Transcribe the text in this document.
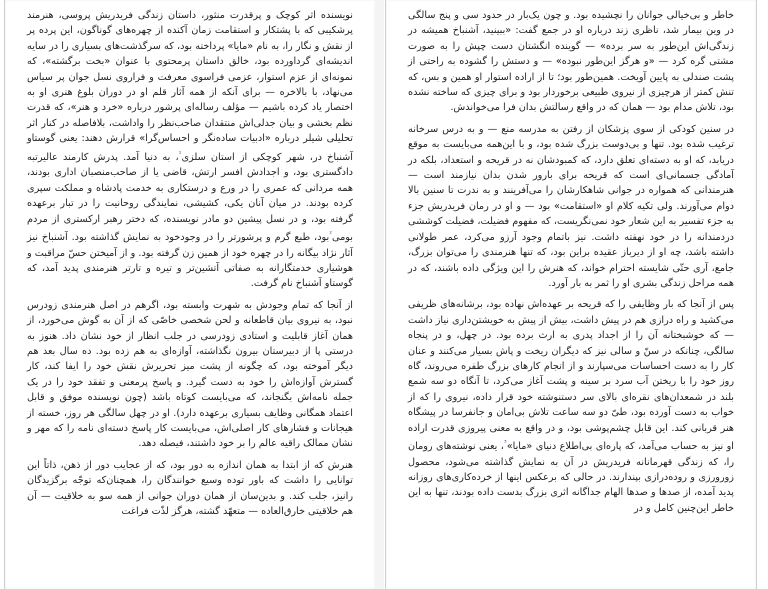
نویسنده اثر کوچک و پرقدرت منثور، داستان زندگی فریدریش پروسی، هنرمند پرشکیبی که با پشتکار و استقامت زمان آکنده از چهره‌های گوناگون، این پرده پر از نقش و نگار را، به نام «مایا» پرداخته بود، که سرگذشت‌های بسیاری را در سایه اندیشه‌ای گرداورده بود، خالق داستان پرمحتوی با عنوان «بخت برگشته»، که نمونه‌ای از عزم استوار، عزمی فراسوی معرفت و فراروی نسل جوان پر سیاس می‌نهاد، با بالاخره — برای آنکه از همه آثار قلم او در دوران بلوغ هنری او به اختصار یاد کرده باشیم — مؤلف رساله‌ای پرشور درباره «خرد و هنر»، که قدرت نظم بخشی و بیان جدلی‌اش منتقدان صاحب‌نظر را واداشت، بلافاصله در کنار اثر تحلیلی شیلر درباره «ادبیات ساده‌نگر و احساس‌گرا» قرارش دهند: یعنی گوستاو آشنباخ در، شهر کوچکی از استان سلزی$^{^1}$، به دنیا آمد. پدرش کارمند عالیرتبه دادگستری بود، و اجدادش افسر ارتش، قاضی یا از صاحب‌منصبان اداری بودند، همه مردانی که عمری را در ورع و درستکاری به خدمت پادشاه و مملکت سپری کرده بودند. در میان آنان یکی، کشیشی، نمایندگی روحانیت را در تبار برعهده گرفته بود، و در نسل پیشین دو مادر نویسنده، که دختر رهبر ارکستری از مردم بومی$^{^2}$بود، طبع گرم و پرشورتر را در وجودخود به نمایش گذاشته بود. آشنباخ نیز آثار نژاد بیگانه را در چهره خود از همین زن گرفته بود. و از آمیختن حسّ مراقبت و هوشیاری خدمتگارانه به صفاتی آتشین‌تر و تیره و تارتر هنرمندی پدید آمد، که گوستاو آشنباخ نام گرفت.

از آنجا که تمام وجودش به شهرت وابسته بود، اگرهم در اصل هنرمندی زودرس نبود، به نیروی بیان قاطعانه و لحن شخصی خاصّی که از آن به گوش می‌خورد، از همان آغاز قابلیت و استادی زودرسی در جلب انظار از خود نشان داد. هنوز به درستی پا از دبیرستان بیرون نگذاشته، آوازه‌ای به هم زده بود. ده سال بعد هم دیگر آموخته بود، که چگونه از پشت میز تحریرش نقش خود را ایفا کند، کار گسترش آوازه‌اش را خود به دست گیرد. و پاسخ پرمعنی و تفقد خود را در یک جمله نامه‌اش بگنجاند، که می‌بایست کوتاه باشد (چون نویسنده موفق و قابل اعتماد همگانی وظایف بسیاری برعهده دارد). او در چهل سالگی هر روز، خسته از هیجانات و فشارهای کار اصلی‌اش، می‌بایست کار پاسخ دسته‌ای نامه را که مهر و نشان ممالک راقیه عالم را بر خود داشتند، فیصله دهد.

هنرش که از ابتدا به همان اندازه به دور بود، که از عجایب دور از ذهن، ذاتاً این توانایی را داشت که باور توده وسیع خوانندگان را، همچنان‌که توجّه برگزیدگان رانیز، جلب کند. و بدین‌سان از همان دوران جوانی از همه سو به خلاقیت — آن هم خلاقیتی خارق‌العاده — متعهّد گشته، هرگز لذّت فراغت

خاطر و بی‌خیالی جوانان را نچشیده بود. و چون یک‌بار در حدود سی و پنج سالگی در وین بیمار شد، ناظری زند درباره او در جمع گفت: «ببینید، آشنباخ همیشه در زندگی‌اش این‌طور به سر برده» — گوینده انگشتان دست چپش را به صورت مشتی گره کرد — «و هرگز این‌طور نبوده» — و دستش را گشوده به راحتی از پشت صندلی به پایین آویخت. همین‌طور بود؛ تا از اراده استوار او همین و بس، که تنش کمتر از هرچیزی از نیروی طبیعی برخوردار بود و برای چیزی که ساخته نشده بود، تلاش مدام بود — همان که در واقع رسالتش بدان فرا می‌خواندش.

در سنین کودکی از سوی پزشکان از رفتن به مدرسه منع — و به درس سرخانه ترغیب شده بود. تنها و بی‌دوست بزرگ شده بود، و با این‌همه می‌بایست به موقع دریابد، که او به دسته‌ای تعلق دارد، که کمبودشان نه در قریحه و استعداد، بلکه در آمادگی جسمانی‌ای است که قریحه برای بارور شدن بدان نیازمند است — هنرمندانی که همواره در جوانی شاهکارشان را می‌آفرینند و به ندرت تا سنین بالا دوام می‌آورند. ولی تکیه کلام او «استقامت» بود — و او در رمان فریدریش جزء به جزء تفسیر به این شعار خود نمی‌نگریست، که مفهوم فضیلت، فضیلت کوششی دردمندانه را در خود نهفته داشت. نیز باتمام وجود آرزو می‌کرد، عمر طولانی داشته باشد، چه او از دیرباز عقیده براین بود، که تنها هنرمندی را می‌توان بزرگ، جامع، آری حتّی شایسته احترام خواند، که هنرش را این ویژگی داده باشند، که در همه مراحل زندگی بشری او را ثمر به بار آورد.

پس از آنجا که بار وظایفی را که قریحه بر عهده‌اش نهاده بود، برشانه‌های ظریفی می‌کشید و راه درازی هم در پیش داشت، بیش از پیش به خویشتن‌داری نیاز داشت — که خوشبختانه آن را از اجداد پدری به ارث برده بود. در چهل، و در پنجاه سالگی، چنانکه در سنّ و سالی نیز که دیگران ریخت و پاش بسیار می‌کنند و عنان کار را به دست احساسات می‌سپارند و از انجام کارهای بزرگ طفره می‌روند، گاه روز خود را با ریختن آب سرد بر سینه و پشت آغاز می‌کرد، تا آنگاه دو سه شمع بلند در شمعدان‌های نقره‌ای بالای سر دستنوشته خود قرار داده، نیروی را که از خواب به دست آورده بود، طیّ دو سه ساعت تلاش بی‌امان و جانفرسا در پیشگاه هنر قربانی کند. این قابل چشم‌پوشی بود، و در واقع به معنی پیروزی قدرت اراده او نیز به حساب می‌آمد، که پاره‌ای بی‌اطلاع دنیای «مایا»$^{^3}$، یعنی نوشته‌های رومان را، که زندگی قهرمانانه فریدریش در آن به نمایش گذاشته می‌شود، محصول زورورزی و روده‌درازی بپندارند. در حالی که برعکس اینها از خرده‌کاری‌های روزانه پدید آمده، از صدها و صدها الهام جداگانه اثری بزرگ بدست داده بودند، تنها به این خاطر این‌چنین کامل و در
